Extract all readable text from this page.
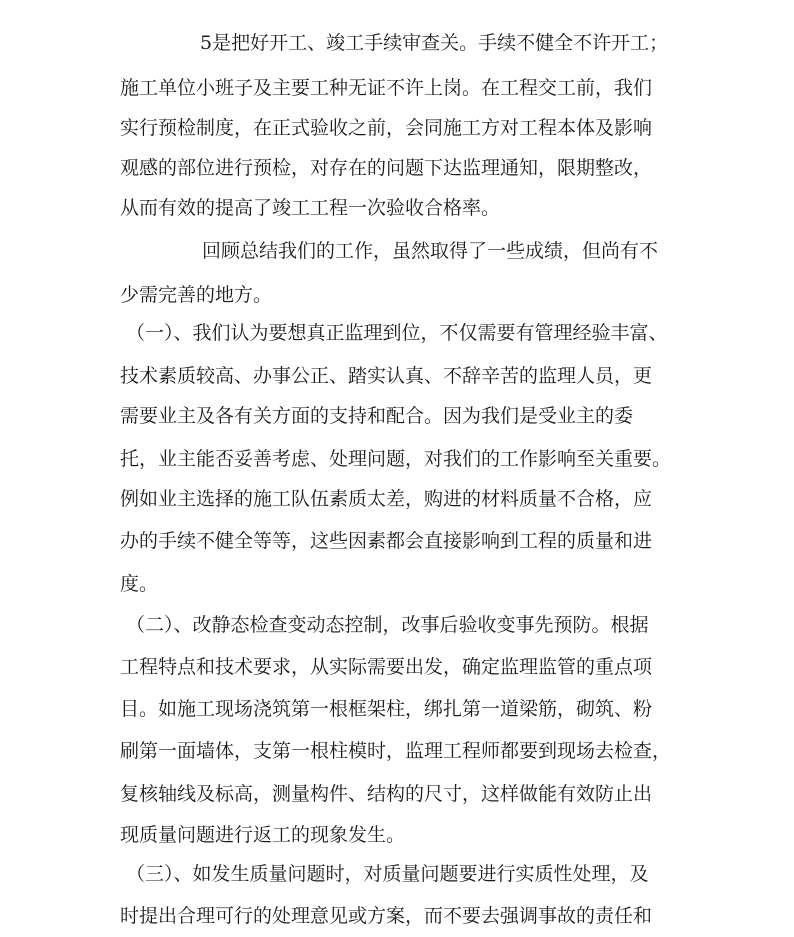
5是把好开工、竣工手续审查关。手续不健全不许开工；
施工单位小班子及主要工种无证不许上岗。在工程交工前，我们
实行预检制度，在正式验收之前，会同施工方对工程本体及影响
观感的部位进行预检，对存在的问题下达监理通知，限期整改，
从而有效的提高了竣工工程一次验收合格率。
回顾总结我们的工作，虽然取得了一些成绩，但尚有不
少需完善的地方。
（一）、我们认为要想真正监理到位，不仅需要有管理经验丰富、
技术素质较高、办事公正、踏实认真、不辞辛苦的监理人员，更
需要业主及各有关方面的支持和配合。因为我们是受业主的委
托，业主能否妥善考虑、处理问题，对我们的工作影响至关重要。
例如业主选择的施工队伍素质太差，购进的材料质量不合格，应
办的手续不健全等等，这些因素都会直接影响到工程的质量和进
度。
（二）、改静态检查变动态控制，改事后验收变事先预防。根据
工程特点和技术要求，从实际需要出发，确定监理监管的重点项
目。如施工现场浇筑第一根框架柱，绑扎第一道梁筋，砌筑、粉
刷第一面墙体，支第一根柱模时，监理工程师都要到现场去检查，
复核轴线及标高，测量构件、结构的尺寸，这样做能有效防止出
现质量问题进行返工的现象发生。
（三）、如发生质量问题时，对质量问题要进行实质性处理，及
时提出合理可行的处理意见或方案，而不要去强调事故的责任和
